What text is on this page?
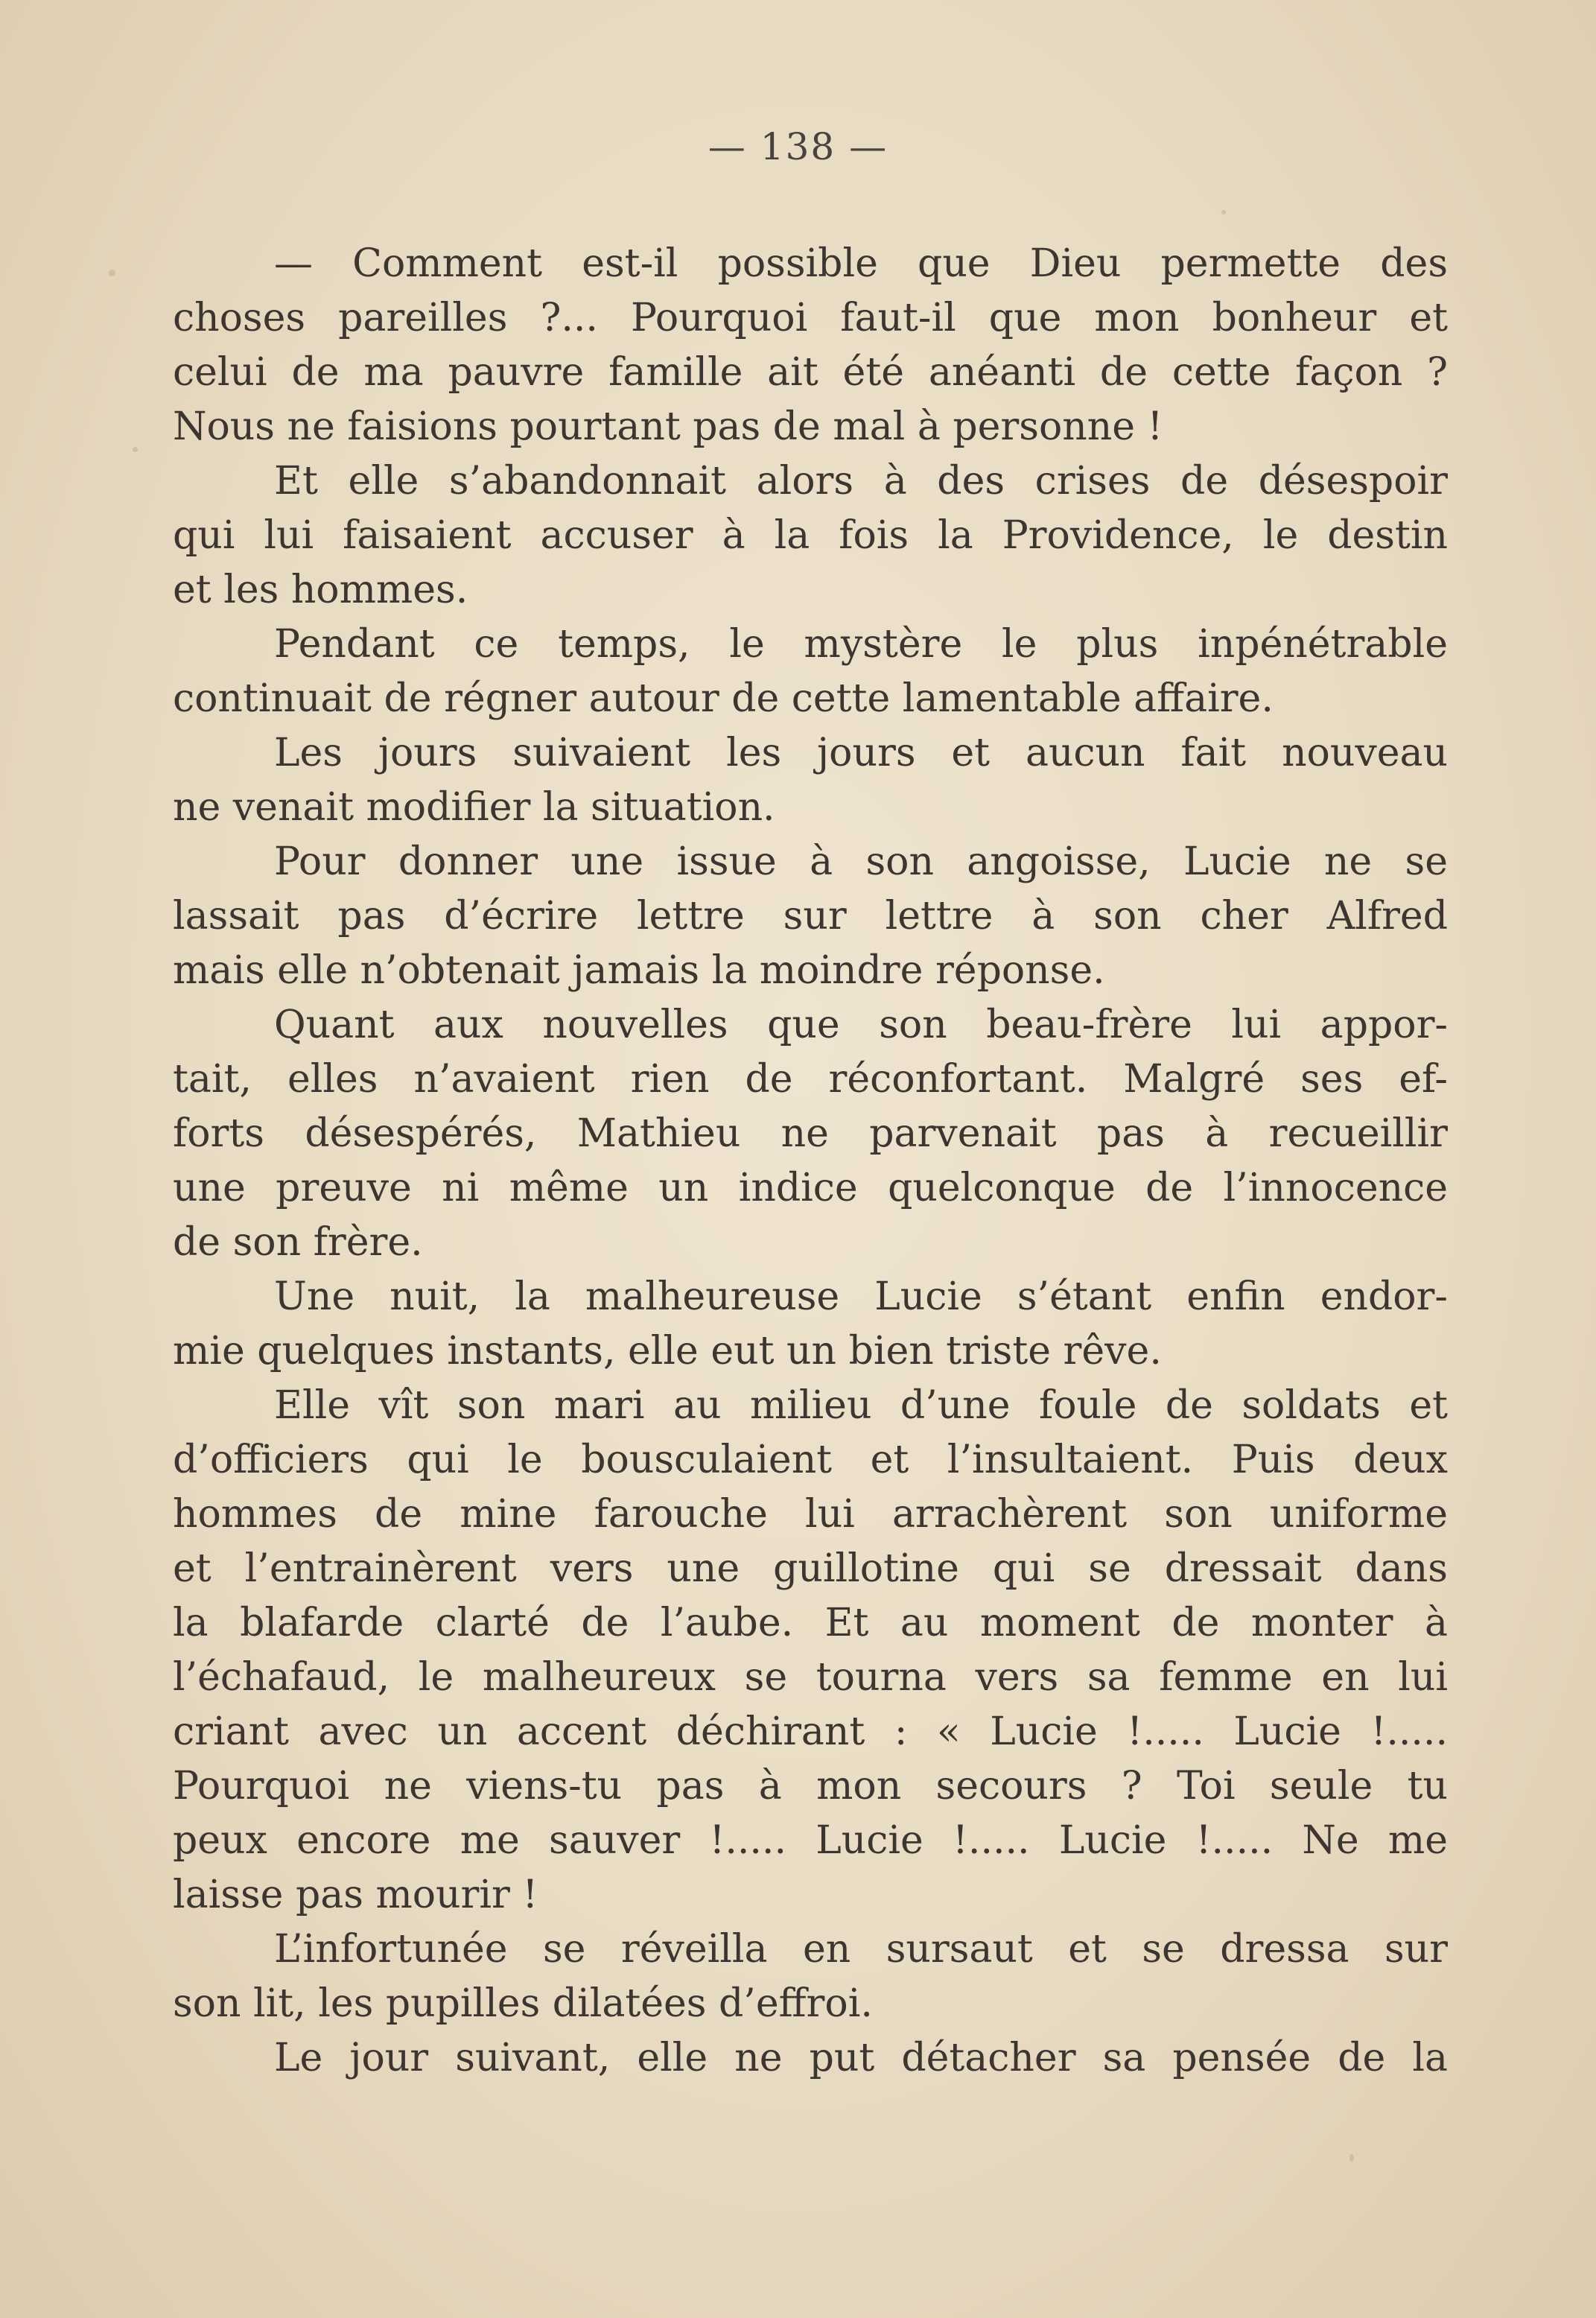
— 138 —
— Comment est-il possible que Dieu permette des
choses pareilles ?... Pourquoi faut-il que mon bonheur et
celui de ma pauvre famille ait été anéanti de cette façon ?
Nous ne faisions pourtant pas de mal à personne !
Et elle s’abandonnait alors à des crises de désespoir
qui lui faisaient accuser à la fois la Providence, le destin
et les hommes.
Pendant ce temps, le mystère le plus inpénétrable
continuait de régner autour de cette lamentable affaire.
Les jours suivaient les jours et aucun fait nouveau
ne venait modifier la situation.
Pour donner une issue à son angoisse, Lucie ne se
lassait pas d’écrire lettre sur lettre à son cher Alfred
mais elle n’obtenait jamais la moindre réponse.
Quant aux nouvelles que son beau-frère lui appor-
tait, elles n’avaient rien de réconfortant. Malgré ses ef-
forts désespérés, Mathieu ne parvenait pas à recueillir
une preuve ni même un indice quelconque de l’innocence
de son frère.
Une nuit, la malheureuse Lucie s’étant enfin endor-
mie quelques instants, elle eut un bien triste rêve.
Elle vît son mari au milieu d’une foule de soldats et
d’officiers qui le bousculaient et l’insultaient. Puis deux
hommes de mine farouche lui arrachèrent son uniforme
et l’entrainèrent vers une guillotine qui se dressait dans
la blafarde clarté de l’aube. Et au moment de monter à
l’échafaud, le malheureux se tourna vers sa femme en lui
criant avec un accent déchirant : « Lucie !..... Lucie !.....
Pourquoi ne viens-tu pas à mon secours ? Toi seule tu
peux encore me sauver !..... Lucie !..... Lucie !..... Ne me
laisse pas mourir !
L’infortunée se réveilla en sursaut et se dressa sur
son lit, les pupilles dilatées d’effroi.
Le jour suivant, elle ne put détacher sa pensée de la
